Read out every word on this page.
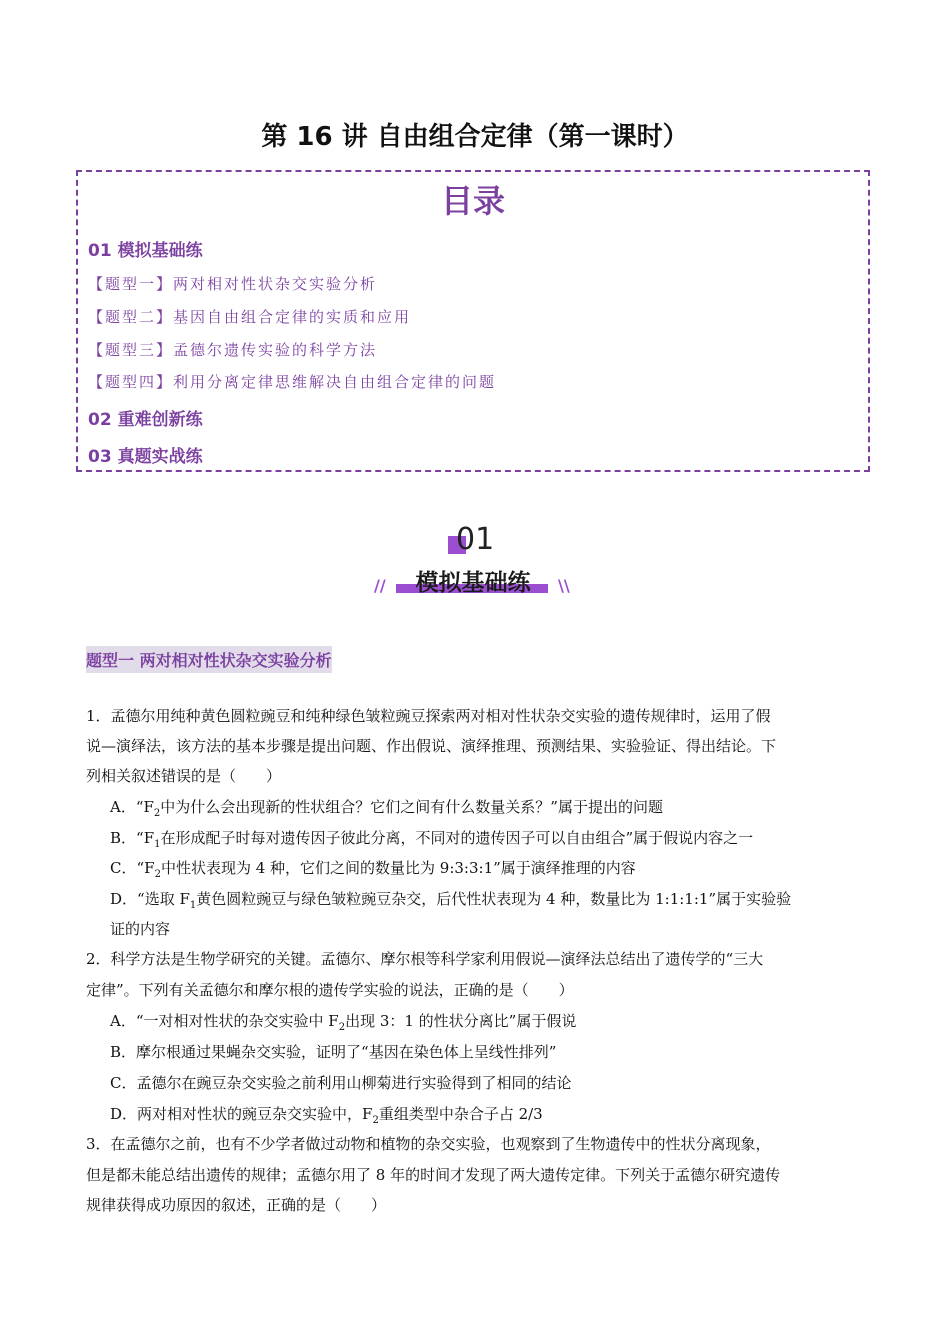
第 16 讲 自由组合定律（第一课时）
目录
01 模拟基础练
【题型一】两对相对性状杂交实验分析
【题型二】基因自由组合定律的实质和应用
【题型三】孟德尔遗传实验的科学方法
【题型四】利用分离定律思维解决自由组合定律的问题
02 重难创新练
03 真题实战练
01
模拟基础练
//	\\
题型一 两对相对性状杂交实验分析
1．孟德尔用纯种黄色圆粒豌豆和纯种绿色皱粒豌豆探索两对相对性状杂交实验的遗传规律时，运用了假
说—演绎法，该方法的基本步骤是提出问题、作出假说、演绎推理、预测结果、实验验证、得出结论。下
列相关叙述错误的是（　　）
A．“$F_2$中为什么会出现新的性状组合？它们之间有什么数量关系？”属于提出的问题
B．“$F_1$在形成配子时每对遗传因子彼此分离，不同对的遗传因子可以自由组合”属于假说内容之一
C．“$F_2$中性状表现为 4 种，它们之间的数量比为 9:3:3:1”属于演绎推理的内容
D．“选取 $F_1$黄色圆粒豌豆与绿色皱粒豌豆杂交，后代性状表现为 4 种，数量比为 1:1:1:1”属于实验验
证的内容
2．科学方法是生物学研究的关键。孟德尔、摩尔根等科学家利用假说—演绎法总结出了遗传学的“三大
定律”。下列有关孟德尔和摩尔根的遗传学实验的说法，正确的是（　　）
A．“一对相对性状的杂交实验中 $F_2$出现 3：1 的性状分离比”属于假说
B．摩尔根通过果蝇杂交实验，证明了“基因在染色体上呈线性排列”
C．孟德尔在豌豆杂交实验之前利用山柳菊进行实验得到了相同的结论
D．两对相对性状的豌豆杂交实验中，$F_2$重组类型中杂合子占 2/3
3．在孟德尔之前，也有不少学者做过动物和植物的杂交实验，也观察到了生物遗传中的性状分离现象，
但是都未能总结出遗传的规律；孟德尔用了 8 年的时间才发现了两大遗传定律。下列关于孟德尔研究遗传
规律获得成功原因的叙述，正确的是（　　）
